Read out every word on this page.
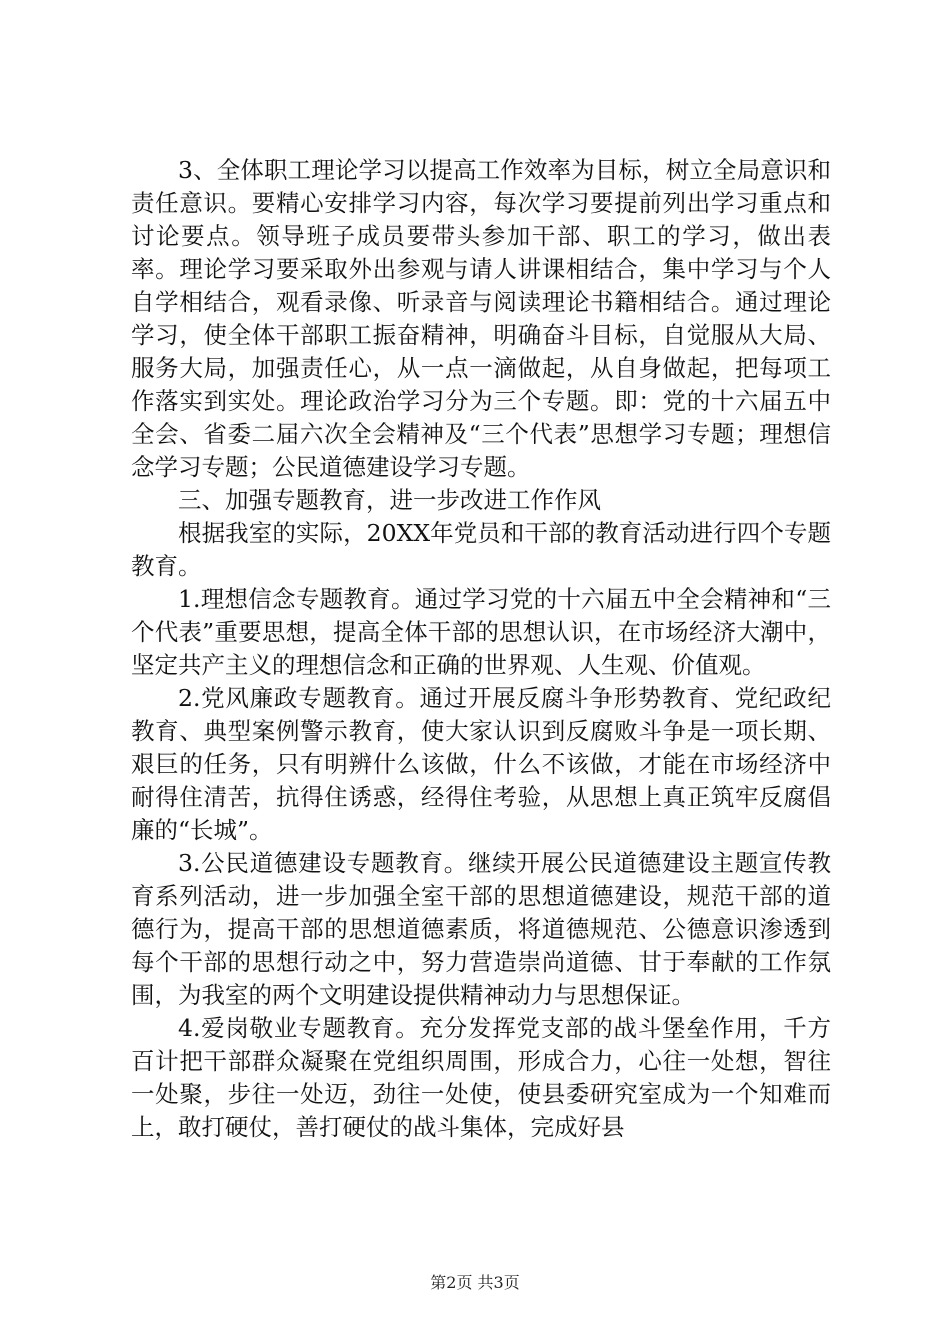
3、全体职工理论学习以提高工作效率为目标，树立全局意识和责任意识。要精心安排学习内容，每次学习要提前列出学习重点和讨论要点。领导班子成员要带头参加干部、职工的学习，做出表率。理论学习要采取外出参观与请人讲课相结合，集中学习与个人自学相结合，观看录像、听录音与阅读理论书籍相结合。通过理论学习，使全体干部职工振奋精神，明确奋斗目标，自觉服从大局、服务大局，加强责任心，从一点一滴做起，从自身做起，把每项工作落实到实处。理论政治学习分为三个专题。即：党的十六届五中全会、省委二届六次全会精神及“三个代表”思想学习专题；理想信念学习专题；公民道德建设学习专题。

三、加强专题教育，进一步改进工作作风

根据我室的实际，20XX年党员和干部的教育活动进行四个专题教育。

1.理想信念专题教育。通过学习党的十六届五中全会精神和“三个代表”重要思想，提高全体干部的思想认识，在市场经济大潮中，坚定共产主义的理想信念和正确的世界观、人生观、价值观。

2.党风廉政专题教育。通过开展反腐斗争形势教育、党纪政纪教育、典型案例警示教育，使大家认识到反腐败斗争是一项长期、艰巨的任务，只有明辨什么该做，什么不该做，才能在市场经济中耐得住清苦，抗得住诱惑，经得住考验，从思想上真正筑牢反腐倡廉的“长城”。

3.公民道德建设专题教育。继续开展公民道德建设主题宣传教育系列活动，进一步加强全室干部的思想道德建设，规范干部的道德行为，提高干部的思想道德素质，将道德规范、公德意识渗透到每个干部的思想行动之中，努力营造崇尚道德、甘于奉献的工作氛围，为我室的两个文明建设提供精神动力与思想保证。

4.爱岗敬业专题教育。充分发挥党支部的战斗堡垒作用，千方百计把干部群众凝聚在党组织周围，形成合力，心往一处想，智往一处聚，步往一处迈，劲往一处使，使县委研究室成为一个知难而上，敢打硬仗，善打硬仗的战斗集体，完成好县

第2页 共3页
